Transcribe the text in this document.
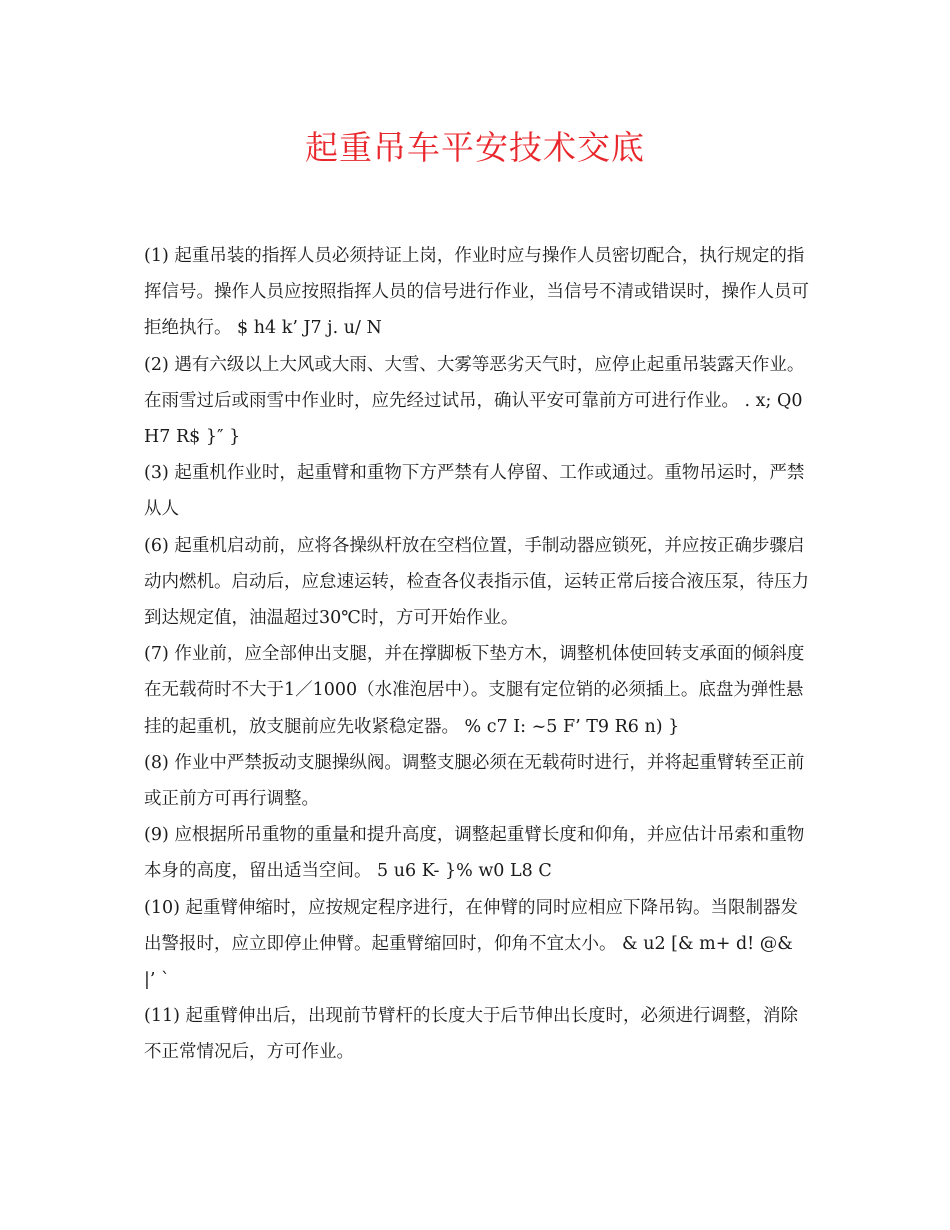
起重吊车平安技术交底

(1) 起重吊装的指挥人员必须持证上岗，作业时应与操作人员密切配合，执行规定的指挥信号。操作人员应按照指挥人员的信号进行作业，当信号不清或错误时，操作人员可拒绝执行。 $ h4 k’ J7 j. u/ N

(2) 遇有六级以上大风或大雨、大雪、大雾等恶劣天气时，应停止起重吊装露天作业。在雨雪过后或雨雪中作业时，应先经过试吊，确认平安可靠前方可进行作业。 . x; Q0 H7 R$ }″ }

(3) 起重机作业时，起重臂和重物下方严禁有人停留、工作或通过。重物吊运时，严禁从人

(6) 起重机启动前，应将各操纵杆放在空档位置，手制动器应锁死，并应按正确步骤启动内燃机。启动后，应怠速运转，检查各仪表指示值，运转正常后接合液压泵，待压力到达规定值，油温超过30℃时，方可开始作业。

(7) 作业前，应全部伸出支腿，并在撑脚板下垫方木，调整机体使回转支承面的倾斜度在无载荷时不大于1／1000（水准泡居中）。支腿有定位销的必须插上。底盘为弹性悬挂的起重机，放支腿前应先收紧稳定器。 % c7 I: ~5 F’ T9 R6 n) }

(8) 作业中严禁扳动支腿操纵阀。调整支腿必须在无载荷时进行，并将起重臂转至正前或正前方可再行调整。

(9) 应根据所吊重物的重量和提升高度，调整起重臂长度和仰角，并应估计吊索和重物本身的高度，留出适当空间。 5 u6 K- }% w0 L8 C

(10) 起重臂伸缩时，应按规定程序进行，在伸臂的同时应相应下降吊钩。当限制器发出警报时，应立即停止伸臂。起重臂缩回时，仰角不宜太小。 & u2 [& m+ d! @& |’ `

(11) 起重臂伸出后，出现前节臂杆的长度大于后节伸出长度时，必须进行调整，消除不正常情况后，方可作业。
